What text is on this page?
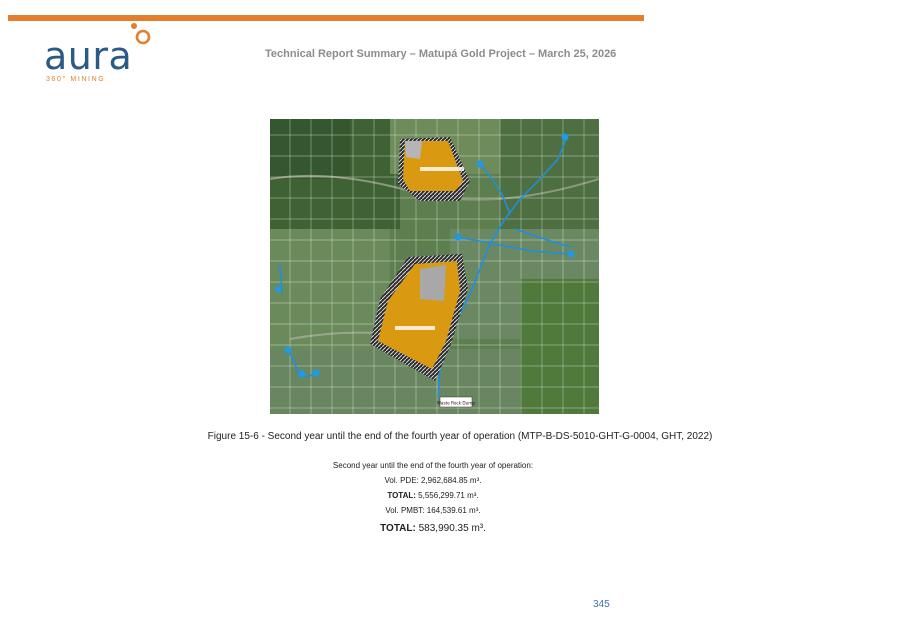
aura
360° MINING
Technical Report Summary – Matupá Gold Project – March 25, 2026
Waste Rock Dump
Figure 15-6 - Second year until the end of the fourth year of operation (MTP-B-DS-5010-GHT-G-0004, GHT, 2022)
Second year until the end of the fourth year of operation:
Vol. PDE: 2,962,684.85 m³.
TOTAL: 5,556,299.71 m³.
Vol. PMBT: 164,539.61 m³.
TOTAL: 583,990.35 m³.
345
